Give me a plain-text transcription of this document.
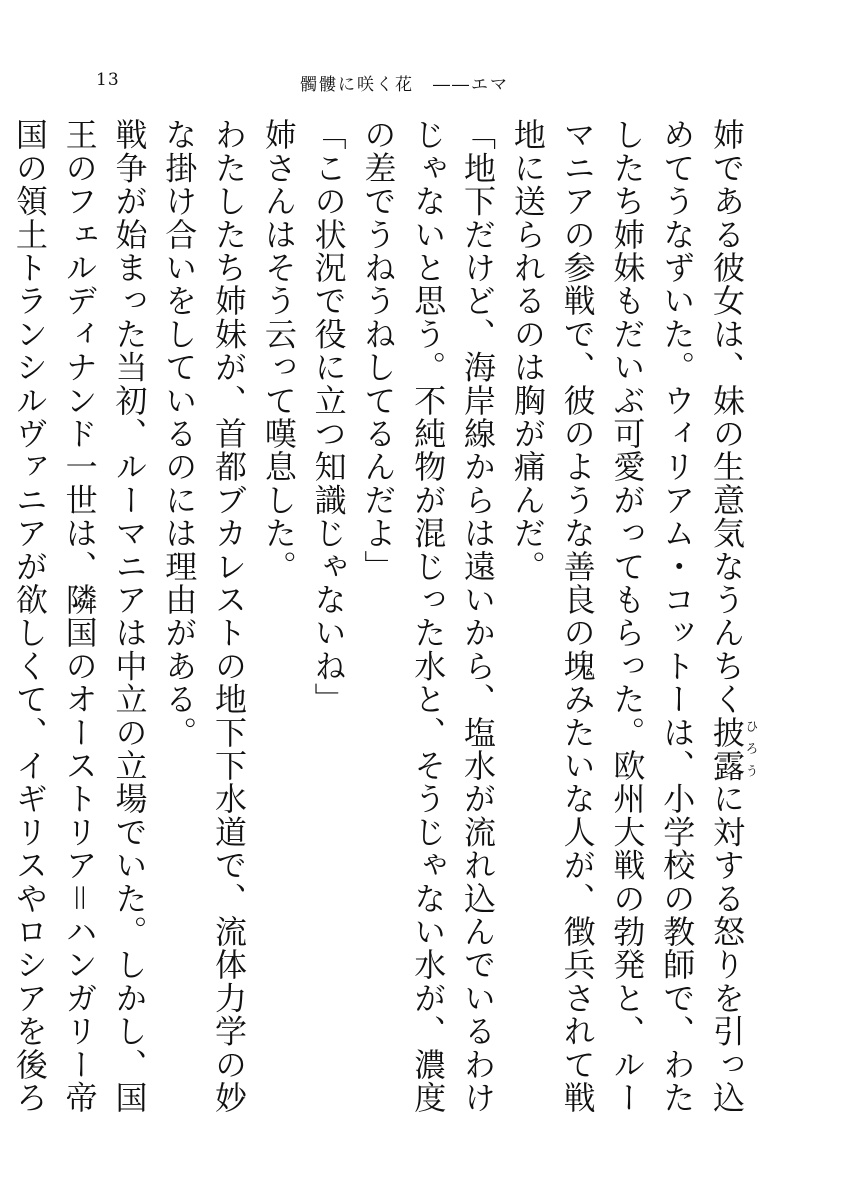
13	髑髏に咲く花　――エマ

姉である彼女は、妹の生意気なうんちく披露ひろうに対する怒りを引っ込めてうなずいた。ウィリアム・コットーは、小学校の教師で、わたしたち姉妹もだいぶ可愛がってもらった。欧州大戦の勃発と、ルーマニアの参戦で、彼のような善良の塊みたいな人が、徴兵されて戦地に送られるのは胸が痛んだ。

「地下だけど、海岸線からは遠いから、塩水が流れ込んでいるわけじゃないと思う。不純物が混じった水と、そうじゃない水が、濃度の差でうねうねしてるんだよ」

「この状況で役に立つ知識じゃないね」

姉さんはそう云って嘆息した。

わたしたち姉妹が、首都ブカレストの地下下水道で、流体力学の妙な掛け合いをしているのには理由がある。

戦争が始まった当初、ルーマニアは中立の立場でいた。しかし、国王のフェルディナンド一世は、隣国のオーストリア＝ハンガリー帝国の領土トランシルヴァニアが欲しくて、イギリスやロシアを後ろ
